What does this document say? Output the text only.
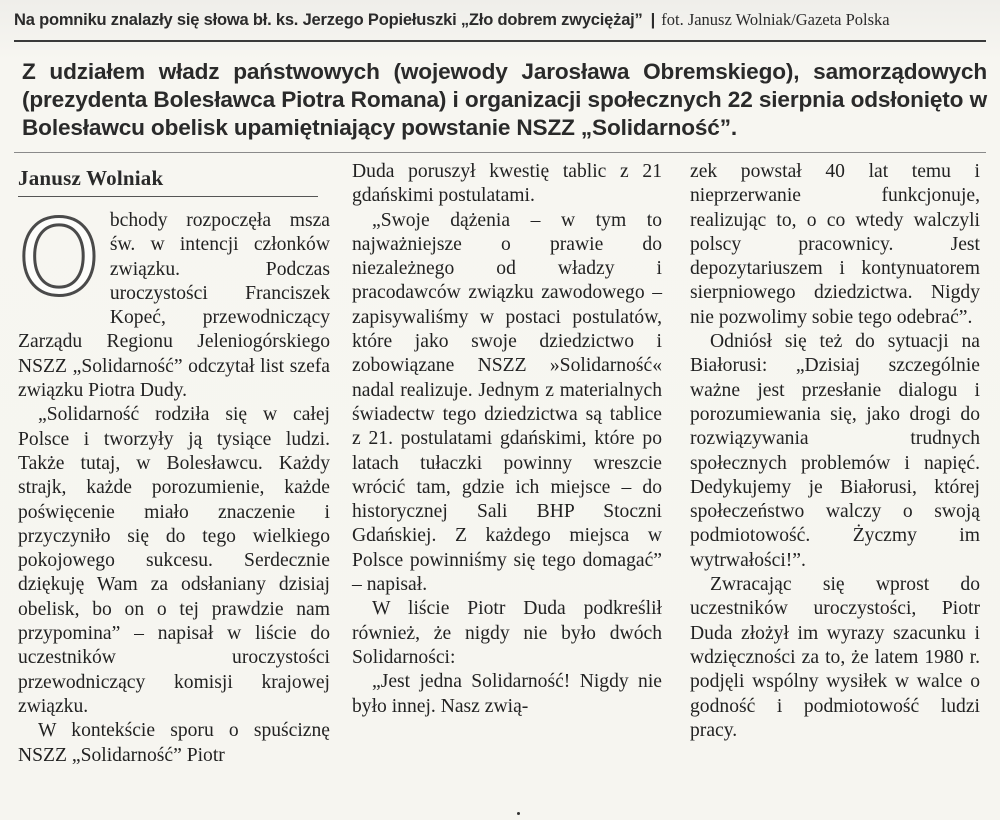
Na pomniku znalazły się słowa bł. ks. Jerzego Popiełuszki „Zło dobrem zwyciężaj” | fot. Janusz Wolniak/Gazeta Polska
Z udziałem władz państwowych (wojewody Jarosława Obremskiego), samorządowych (prezydenta Bolesławca Piotra Romana) i organizacji społecznych 22 sierpnia odsłonięto w Bolesławcu obelisk upamiętniający powstanie NSZZ „Solidarność”.
Janusz Wolniak
O bchody rozpoczęła msza św. w intencji członków związku. Podczas uroczystości Franciszek Kopeć, przewodniczący Zarządu Regionu Jeleniogórskiego NSZZ „Solidarność” odczytał list szefa związku Piotra Dudy.

„Solidarność rodziła się w całej Polsce i tworzyły ją tysiące ludzi. Także tutaj, w Bolesławcu. Każdy strajk, każde porozumienie, każde poświęcenie miało znaczenie i przyczyniło się do tego wielkiego pokojowego sukcesu. Serdecznie dziękuję Wam za odsłaniany dzisiaj obelisk, bo on o tej prawdzie nam przypomina” – napisał w liście do uczestników uroczystości przewodniczący komisji krajowej związku.

W kontekście sporu o spuściznę NSZZ „Solidarność” Piotr

Duda poruszył kwestię tablic z 21 gdańskimi postulatami.

„Swoje dążenia – w tym to najważniejsze o prawie do niezależnego od władzy i pracodawców związku zawodowego – zapisywaliśmy w postaci postulatów, które jako swoje dziedzictwo i zobowiązane NSZZ »Solidarność« nadal realizuje. Jednym z materialnych świadectw tego dziedzictwa są tablice z 21. postulatami gdańskimi, które po latach tułaczki powinny wreszcie wrócić tam, gdzie ich miejsce – do historycznej Sali BHP Stoczni Gdańskiej. Z każdego miejsca w Polsce powinniśmy się tego domagać” – napisał.

W liście Piotr Duda podkreślił również, że nigdy nie było dwóch Solidarności:

„Jest jedna Solidarność! Nigdy nie było innej. Nasz zwią-

zek powstał 40 lat temu i nieprzerwanie funkcjonuje, realizując to, o co wtedy walczyli polscy pracownicy. Jest depozytariuszem i kontynuatorem sierpniowego dziedzictwa. Nigdy nie pozwolimy sobie tego odebrać”.

Odniósł się też do sytuacji na Białorusi: „Dzisiaj szczególnie ważne jest przesłanie dialogu i porozumiewania się, jako drogi do rozwiązywania trudnych społecznych problemów i napięć. Dedykujemy je Białorusi, której społeczeństwo walczy o swoją podmiotowość. Życzmy im wytrwałości!”.

Zwracając się wprost do uczestników uroczystości, Piotr Duda złożył im wyrazy szacunku i wdzięczności za to, że latem 1980 r. podjęli wspólny wysiłek w walce o godność i podmiotowość ludzi pracy.
